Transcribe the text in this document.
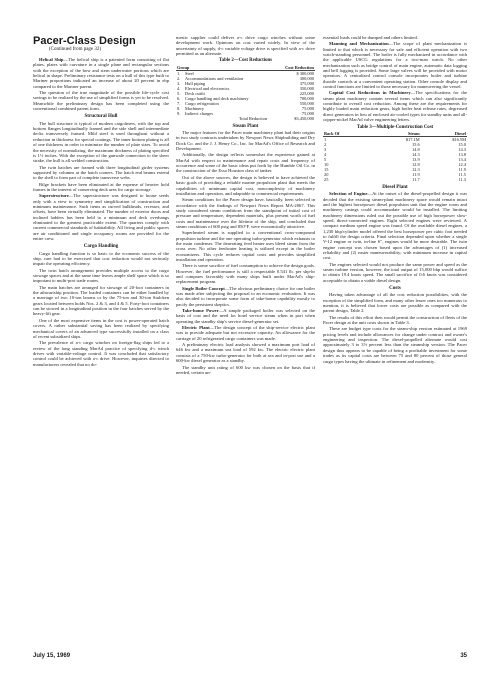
Pacer-Class Design
(Continued from page 32)

Helical Ship—The helical ship is a patented form consisting of flat plates, plates with curvature in a single plane and rectangular sections with the exception of the bow and stern underwater portions which are helical in shape. Preliminary resistance tests on a hull of this type built to Mariner proportions indicated an increase of about 20 percent in ehp compared to the Mariner parent.

The question of the true magnitude of the possible life-cycle cost savings to be realized by the use of simplified forms is yet to be resolved. Meanwhile the preliminary design has been completed using the conventional combined parent form.

Structural Hull

The hull structure is typical of modern cargoliners, with the top and bottom flanges longitudinally framed and the side shell and intermediate decks transversely framed. Mild steel is used throughout without a reduction in thickness for special coatings. The inner bottom plating is all of one thickness in order to minimize the number of plate sizes. To avoid the necessity of normalizing, the maximum thickness of plating specified is 1½ inches. With the exception of the gunwale connection to the sheer strake, the hull is all welded construction.

The twin hatches are framed with three longitudinal girder systems supported by columns at the hatch corners. The hatch end beams extend to the shell to form part of complete transverse webs.

Bilge brackets have been eliminated at the expense of heavier hold frames in the interest of conserving deck area for cargo stowage.

Superstructure—The superstructure was designed to house seeds only with a view to symmetry and simplification of construction and minimum maintenance. Such items as curved bulkheads, recesses, and offsets, have been virtually eliminated. The number of exterior doors and inclined ladders has been held to a minimum and deck overhangs eliminated to the greatest practicable extent. The quarters comply with current commercial standards of habitability. All living and public spaces are air conditioned and single occupancy rooms are provided for the entire crew.

Cargo Handling

Cargo handling function is so basic to the economic success of the ship, care had to be exercised that cost reduction would not seriously impair the operating efficiency.

The twin hatch arrangement provides multiple access to the cargo stowage spaces and at the same time leaves ample shelf space which is so important to multi-port trade routes.

The main hatches are arranged for stowage of 20-foot containers in the athwartship position. The loaded containers can be either handled by a marriage of two 10-ton booms or by the 75-ton and 30-ton Stulcken gears located between holds Nos. 2 & 3, and 4 & 5. Forty-foot containers can be stowed in a longitudinal position in the four hatches served by the heavy-lift gear.

One of the most expensive items in the cost is power-operated hatch covers. A rather substantial saving has been realized by specifying mechanical covers of an advanced type successfully installed on a class of recent subsidized ships.

The prevalence of a-c cargo winches on foreign-flag ships led to a review of the long standing MarAd practice of specifying d-c winch drives with variable-voltage control. It was concluded that satisfactory control could be achieved with a-c drive. However, inquiries directed to manufacturers revealed that no do-

mestic supplier could deliver a-c drive cargo winches without some development work. Opinions on cost varied widely. In view of the uncertainty of supply, d-c variable voltage drive is specified with a-c drive permitted as an alternate.

Table 2—Cost Reductions
Group		Cost Reduction
1.	Steel	$ 300,000
2.	Accommodations and ventilation	300,000
3.	Hull piping	375,000
4.	Electrical and electronics	350,000
5.	Deck outfit	225,000
6.	Cargo handling and deck machinery	700,000
7.	Cargo refrigeration	550,000
8.	Machinery	75,000
9.	Indirect charges	75,000
Total Reduction		$3,450,000
Steam Plant

The major features for the Pacer main machinery plant had their origins in two study contracts undertaken by Newport News Shipbuilding and Dry Dock Co. and the J. J. Henry Co., Inc. for MarAd's Office of Research and Development.

Additionally, the design reflects somewhat the experience gained at MarAd with respect to maintenance and repair costs and frequency of occurrence and some of the basic ideas put forth by the Humble Oil Co. in the construction of the Esso Houston class of tanker.

Out of the above sources, the design is believed to have achieved the basic goals of providing a reliable marine propulsion plant that meets the capabilities of: minimum capital cost, noncomplexity of machinery installation and operation, and adaptable to commercial requirements.

Steam conditions for the Pacer design have, basically, been selected in accordance with the findings of Newport News Report MA-2067. This study considered steam conditions from the standpoint of initial cost of pressure and temperature, dependent materials, plus present worth of fuel costs and maintenance over the lifetime of the ship, and concluded that steam conditions of 600 psig and 850°F. were economically attractive.

Superheated steam is supplied to a conventional cross-compound propulsion turbine and the one operating turbo-generator which exhausts to the main condenser. The deaerating feed heater uses bleed steam from the cross over. No other feedwater heating is utilized except in the boiler economizers. This cycle reduces capital costs and provides simplified installation and operation.

There is some sacrifice of fuel consumption to achieve the design goals. However, the fuel performance is still a respectable 0.541 lb. per shp-hr and compares favorably with many ships built under MarAd's ship-replacement program.

Single Boiler Concept—The obvious preliminary choice for one boiler was made after subjecting the proposal to an economic evaluation. It was also decided to incorporate some form of take-home capability mostly to pacify the persistent skeptics.

Take-home Power—A simple packaged boiler was selected on the basis of cost and the need for hotel service steam when in port when operating the standby ship's service diesel-generator set.

Electric Plant—The design concept of the ship-service electric plant was to provide adequate but not excessive capacity. An allowance for the carriage of 20 refrigerated cargo containers was made.

A preliminary electric load analysis showed a maximum port load of 646 kw and a maximum sea load of 592 kw. The electric electric plant consists of a 750-kw turbo-generator for both at sea and in-port use and a 600-kw diesel generator as a standby.

The standby unit rating of 600 kw was chosen on the basis that if needed, certain un-

essential loads could be dumped and others limited.

Manning and Mechanization—The scope of plant mechanization is limited to that which is necessary for safe and efficient operation with two watch-standing personnel. The boiler is fully mechanized in accordance with the applicable USCG regulations for a two-man watch. No other mechanization such as bridge control of main engine, automatic data logging and bell logging is provided. Some large valves will be provided with motor operators. A centralized control console incorporates boiler and turbine throttle controls at a convenient operating station. Other console display and control functions are limited to those necessary for maneuvering the vessel.

Capital Cost Reductions in Machinery—The specifications for the steam plant machinery contain several items which can also significantly contribute to overall cost reduction. Among these are the requirements for highly loaded main reduction gears, high boiler heat release rates, degreased direct generators in lieu of enclosed air-cooled types for standby units and all-copper-nickel MarAd valve engineering letters.

Table 3—Multiple-Construction Cost
Back Of	Steam	Diesel
1	$17.1M	$16.5M
2	15.6	15.0
3	14.8	14.3
4	14.3	13.8
5	13.9	13.4
10	12.8	12.4
15	12.3	11.9
20	11.9	11.5
25	11.7	11.3
Diesel Plant

Selection of Engine—At the outset of the diesel-propelled design it was decided that the existing steam-plant machinery space would remain intact and the highest horsepower diesel propulsion unit that the engine room and machinery casings could accommodate would be installed. The limiting machinery dimensions ruled out the possible use of high horsepower slow-speed, direct-connected engines. Eight selected engines were reviewed. A compact medium speed engine was found. Of the available diesel engines, a 1,230 bhp/cylinder model offered the best horsepower per cubic foot needed to fulfill the design criteria. Final selection depended upon whether a single V-12 engine or twin, in-line 6", engines would be more desirable. The twin engine concept was chosen based upon the advantages of (1) increased reliability and (2) easier maneuverability; with minimum increase in capital cost.

The engines selected would not produce the same power and speed as the steam turbine version, however, the total output of 15,000 bhp would suffice to obtain 19.4 knots speed. The small sacrifice of 0.6 knots was considered acceptable to obtain a viable diesel design.

Costs

Having taken advantage of all the cost reduction possibilities, with the exception of the simplified form, and many other lesser ones too numerous to mention, it is believed that lower costs are possible as compared with the parent design, Table 2.

The results of this effort then would permit the construction of fleets of the Pacer design at the unit costs shown in Table 3.

These are budget type costs for the steam-ship version estimated at 1969 pricing levels and include allowances for change under contract and owner's engineering and inspection. The diesel-propelled alternate would cost approximately 3 to 3½ percent less than the steamship version. The Pacer design thus appears to be capable of being a profitable investment for some trades as its capital costs are between 75 and 80 percent of those general cargo types having the ultimate in refinement and modernity.

July 15, 1969	35
